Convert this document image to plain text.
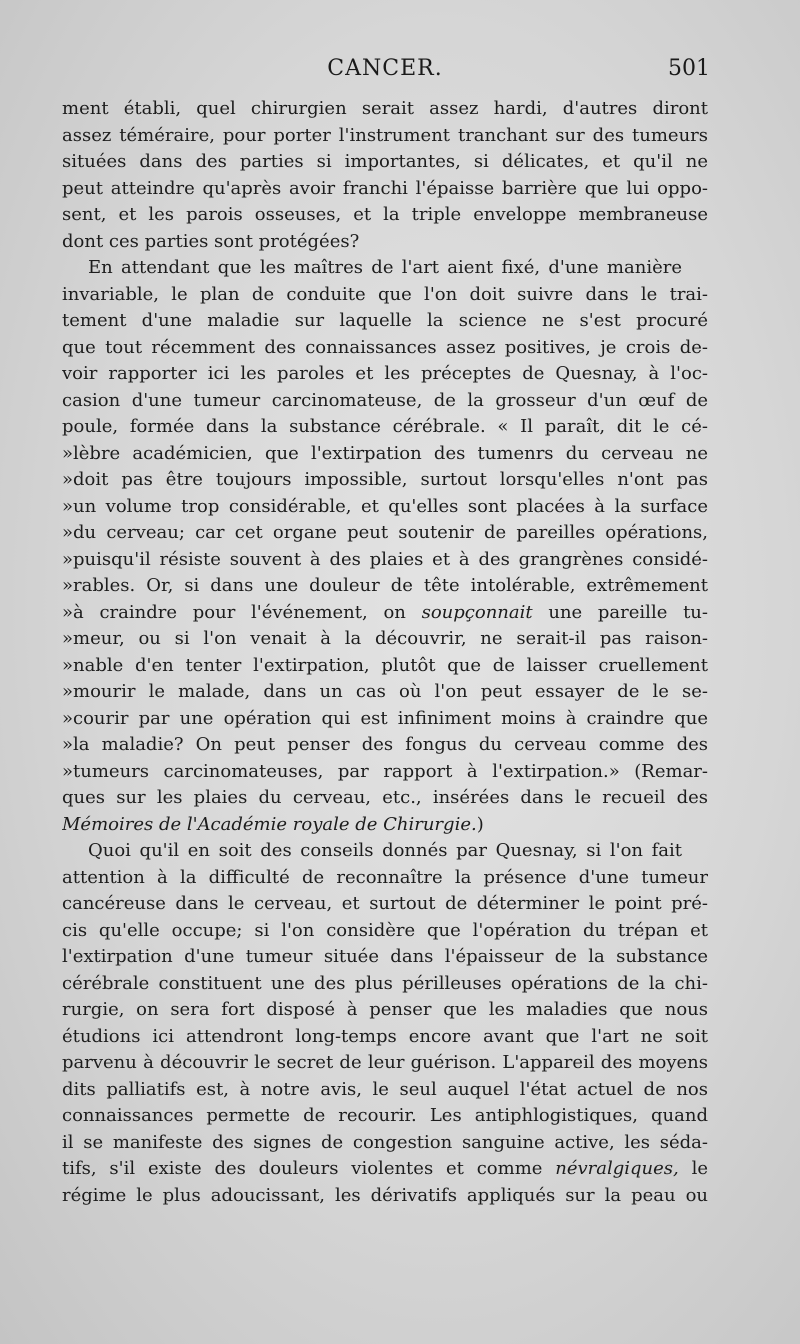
CANCER.	501
ment établi, quel chirurgien serait assez hardi, d'autres diront
assez téméraire, pour porter l'instrument tranchant sur des tumeurs
situées dans des parties si importantes, si délicates, et qu'il ne
peut atteindre qu'après avoir franchi l'épaisse barrière que lui oppo-
sent, et les parois osseuses, et la triple enveloppe membraneuse
dont ces parties sont protégées?
En attendant que les maîtres de l'art aient fixé, d'une manière
invariable, le plan de conduite que l'on doit suivre dans le trai-
tement d'une maladie sur laquelle la science ne s'est procuré
que tout récemment des connaissances assez positives, je crois de-
voir rapporter ici les paroles et les préceptes de Quesnay, à l'oc-
casion d'une tumeur carcinomateuse, de la grosseur d'un œuf de
poule, formée dans la substance cérébrale. « Il paraît, dit le cé-
»lèbre académicien, que l'extirpation des tumenrs du cerveau ne
»doit pas être toujours impossible, surtout lorsqu'elles n'ont pas
»un volume trop considérable, et qu'elles sont placées à la surface
»du cerveau; car cet organe peut soutenir de pareilles opérations,
»puisqu'il résiste souvent à des plaies et à des grangrènes considé-
»rables. Or, si dans une douleur de tête intolérable, extrêmement
»à craindre pour l'événement, on soupçonnait une pareille tu-
»meur, ou si l'on venait à la découvrir, ne serait-il pas raison-
»nable d'en tenter l'extirpation, plutôt que de laisser cruellement
»mourir le malade, dans un cas où l'on peut essayer de le se-
»courir par une opération qui est infiniment moins à craindre que
»la maladie? On peut penser des fongus du cerveau comme des
»tumeurs carcinomateuses, par rapport à l'extirpation.» (Remar-
ques sur les plaies du cerveau, etc., insérées dans le recueil des
Mémoires de l'Académie royale de Chirurgie.)
Quoi qu'il en soit des conseils donnés par Quesnay, si l'on fait
attention à la difficulté de reconnaître la présence d'une tumeur
cancéreuse dans le cerveau, et surtout de déterminer le point pré-
cis qu'elle occupe; si l'on considère que l'opération du trépan et
l'extirpation d'une tumeur située dans l'épaisseur de la substance
cérébrale constituent une des plus périlleuses opérations de la chi-
rurgie, on sera fort disposé à penser que les maladies que nous
étudions ici attendront long-temps encore avant que l'art ne soit
parvenu à découvrir le secret de leur guérison. L'appareil des moyens
dits palliatifs est, à notre avis, le seul auquel l'état actuel de nos
connaissances permette de recourir. Les antiphlogistiques, quand
il se manifeste des signes de congestion sanguine active, les séda-
tifs, s'il existe des douleurs violentes et comme névralgiques, le
régime le plus adoucissant, les dérivatifs appliqués sur la peau ou
